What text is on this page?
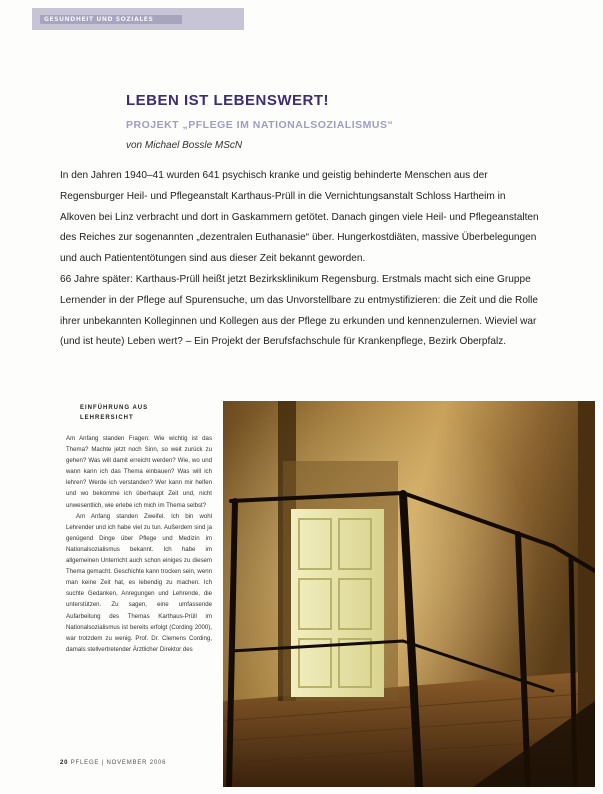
GESUNDHEIT UND SOZIALES
LEBEN IST LEBENSWERT!
PROJEKT „PFLEGE IM NATIONALSOZIALISMUS“
von Michael Bossle MScN

In den Jahren 1940–41 wurden 641 psychisch kranke und geistig behinderte Menschen aus der Regensburger Heil- und Pflegeanstalt Karthaus-Prüll in die Vernichtungsanstalt Schloss Hartheim in Alkoven bei Linz verbracht und dort in Gaskammern getötet. Danach gingen viele Heil- und Pflegeanstalten des Reiches zur sogenannten „dezentralen Euthanasie“ über. Hungerkostdiäten, massive Überbelegungen und auch Patiententötungen sind aus dieser Zeit bekannt geworden.

66 Jahre später: Karthaus-Prüll heißt jetzt Bezirksklinikum Regensburg. Erstmals macht sich eine Gruppe Lernender in der Pflege auf Spurensuche, um das Unvorstellbare zu entmystifizieren: die Zeit und die Rolle ihrer unbekannten Kolleginnen und Kollegen aus der Pflege zu erkunden und kennenzulernen. Wieviel war (und ist heute) Leben wert? – Ein Projekt der Berufsfachschule für Krankenpflege, Bezirk Oberpfalz.

EINFÜHRUNG AUS
LEHRERSICHT

Am Anfang standen Fragen: Wie wichtig ist das Thema? Machte jetzt noch Sinn, so weit zurück zu gehen? Was will damit erreicht werden? Wie, wo und wann kann ich das Thema einbauen? Was will ich lehren? Werde ich verstanden? Wer kann mir helfen und wo bekomme ich überhaupt Zeit und, nicht unwesentlich, wie erlebe ich mich im Thema selbst?

Am Anfang standen Zweifel. Ich bin wohl Lehrender und ich habe viel zu tun. Außerdem sind ja genügend Dinge über Pflege und Medizin im Nationalsozialismus bekannt. Ich habe im allgemeinen Unterricht auch schon einiges zu diesem Thema gemacht. Geschichte kann trocken sein, wenn man keine Zeit hat, es lebendig zu machen. Ich suchte Gedanken, Anregungen und Lehrende, die unterstützen. Zu sagen, eine umfassende Aufarbeitung des Themas Karthaus-Prüll im Nationalsozialismus ist bereits erfolgt (Cording 2000), war trotzdem zu wenig. Prof. Dr. Clemens Cording, damals stellvertretender Ärztlicher Direktor des

20 PFLEGE | NOVEMBER 2006
